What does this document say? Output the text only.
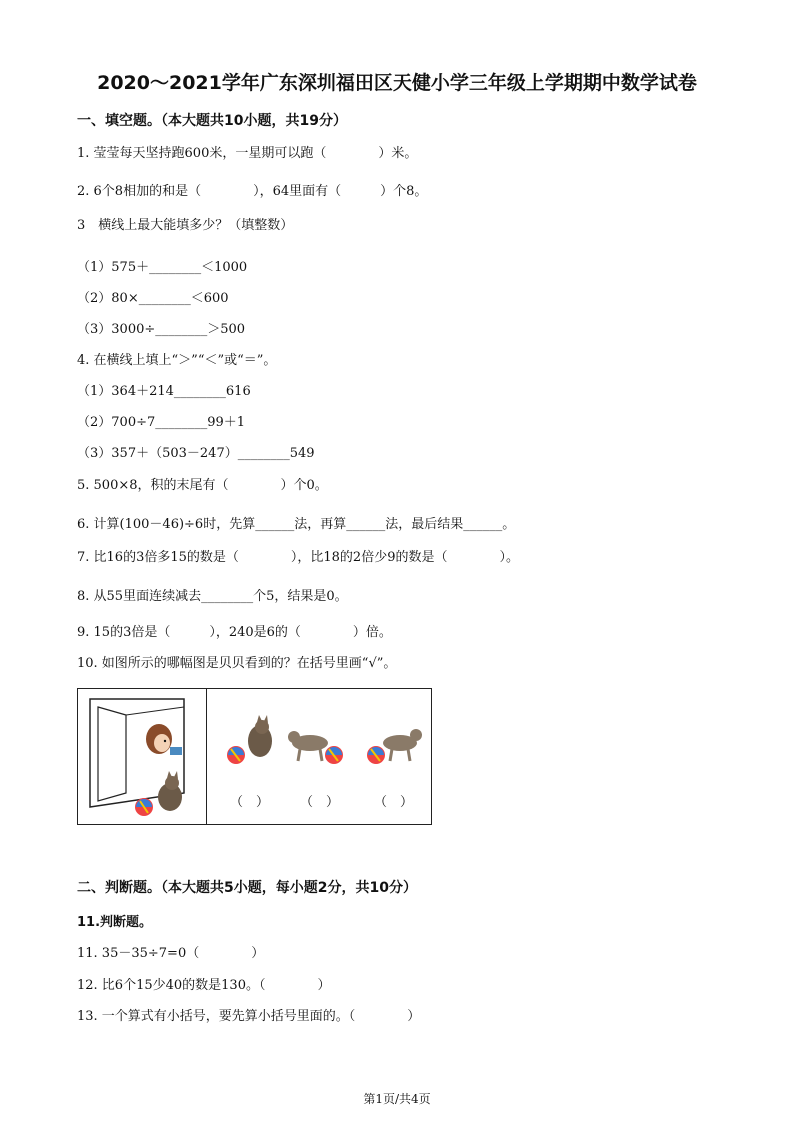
2020～2021学年广东深圳福田区天健小学三年级上学期期中数学试卷
一、填空题。（本大题共10小题，共19分）
1. 莹莹每天坚持跑600米，一星期可以跑（　　　　）米。
2. 6个8相加的和是（　　　　），64里面有（　　　）个8。
3　横线上最大能填多少？（填整数）
（1）575＋________＜1000
（2）80×________＜600
（3）3000÷________＞500
4. 在横线上填上“＞”“＜”或“＝”。
（1）364＋214________616
（2）700÷7________99＋1
（3）357＋（503－247）________549
5. 500×8，积的末尾有（　　　　）个0。
6. 计算(100－46)÷6时，先算______法，再算______法，最后结果______。
7. 比16的3倍多15的数是（　　　　），比18的2倍少9的数是（　　　　）。
8. 从55里面连续减去________个5，结果是0。
9. 15的3倍是（　　　），240是6的（　　　　）倍。
10. 如图所示的哪幅图是贝贝看到的？在括号里画“√”。
（　） （　）	（　）
二、判断题。（本大题共5小题，每小题2分，共10分）
11.判断题。
11. 35－35÷7=0（　　　　）
12. 比6个15少40的数是130。（　　　　）
13. 一个算式有小括号，要先算小括号里面的。（　　　　）
第1页/共4页
